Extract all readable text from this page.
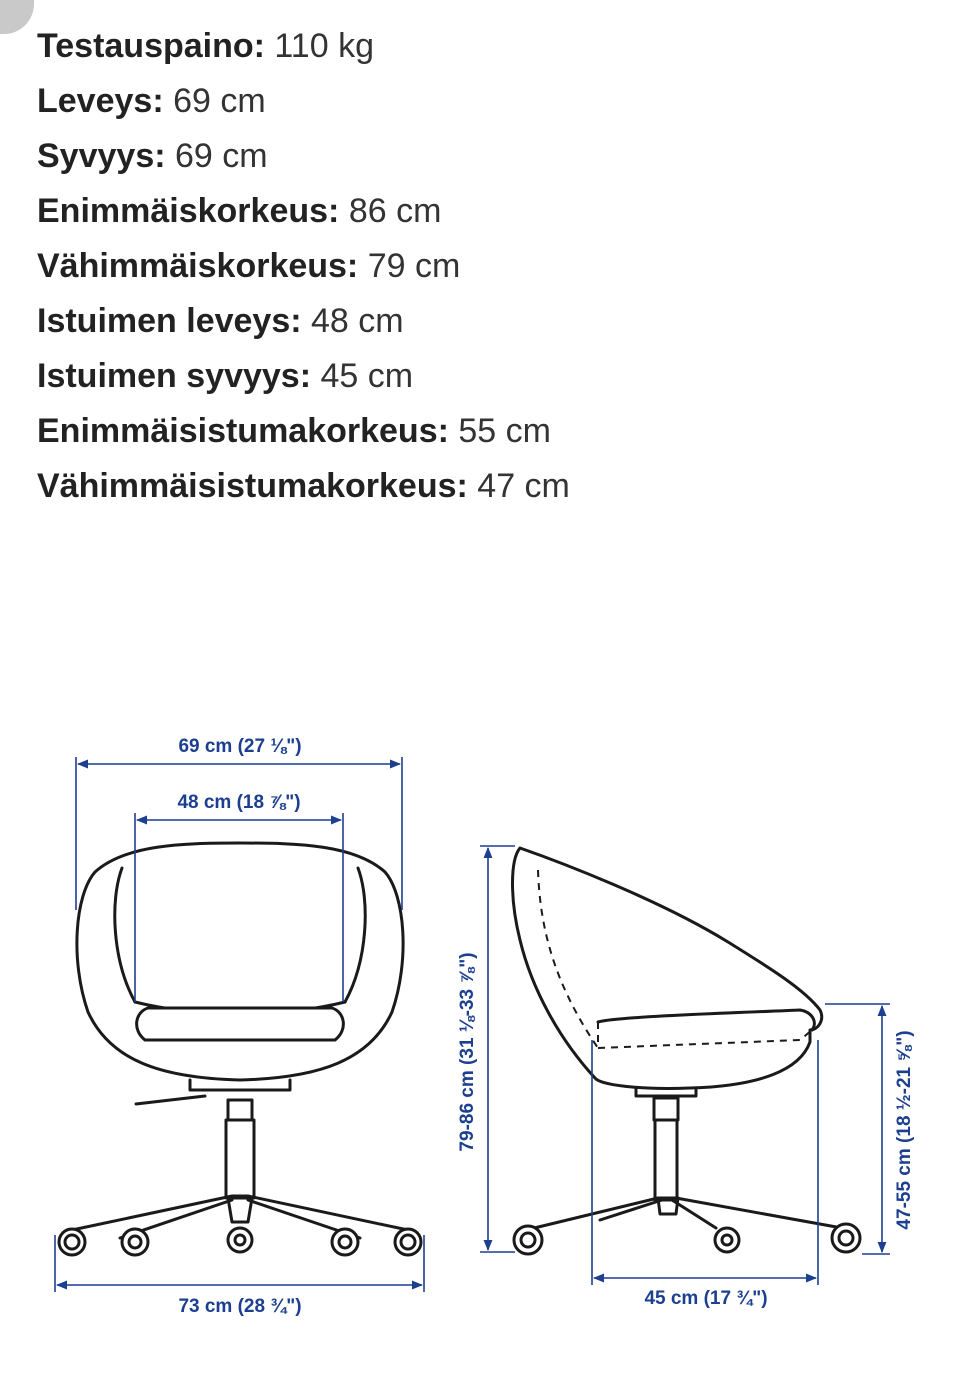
Testauspaino: 110 kg
Leveys: 69 cm
Syvyys: 69 cm
Enimmäiskorkeus: 86 cm
Vähimmäiskorkeus: 79 cm
Istuimen leveys: 48 cm
Istuimen syvyys: 45 cm
Enimmäisistumakorkeus: 55 cm
Vähimmäisistumakorkeus: 47 cm
69 cm (27 ⅛")
48 cm (18 ⅞")
73 cm (28 ¾")
79-86 cm (31 ⅛-33 ⅞")	47-55 cm (18 ½-21 ⅝")
45 cm (17 ¾")
